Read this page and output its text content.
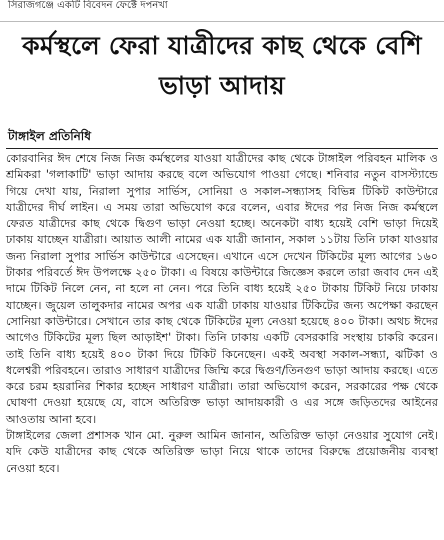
সিরাজগঞ্জে একটি বিবেদন ফেক্টে দপনখা
কর্মস্থলে ফেরা যাত্রীদের কাছ থেকে বেশি ভাড়া আদায়
টাঙ্গাইল প্রতিনিধি

কোরবানির ঈদ শেষে নিজ নিজ কর্মস্থলের যাওয়া যাত্রীদের কাছ থেকে টাঙ্গাইল পরিবহন মালিক ও শ্রমিকরা 'গলাকাটি' ভাড়া আদায় করছে বলে অভিযোগ পাওয়া গেছে। শনিবার নতুন বাসস্ট্যান্ডে গিয়ে দেখা যায়, নিরালা সুপার সার্ভিস, সোনিয়া ও সকাল-সন্ধ্যাসহ বিভিন্ন টিকিট কাউন্টারে যাত্রীদের দীর্ঘ লাইন। এ সময় তারা অভিযোগ করে বলেন, এবার ঈদের পর নিজ নিজ কর্মস্থলে ফেরত যাত্রীদের কাছ থেকে দ্বিগুণ ভাড়া নেওয়া হচ্ছে। অনেকটা বাধ্য হয়েই বেশি ভাড়া দিয়েই ঢাকায় যাচ্ছেন যাত্রীরা। আয়াত আলী নামের এক যাত্রী জানান, সকাল ১১টায় তিনি ঢাকা যাওয়ার জন্য নিরালা সুপার সার্ভিস কাউন্টারে এসেছেন। এখানে এসে দেখেন টিকিটের মূল্য আগের ১৬০ টাকার পরিবর্তে ঈদ উপলক্ষে ২৫০ টাকা। এ বিষয়ে কাউন্টারে জিজ্ঞেস করলে তারা জবাব দেন এই দামে টিকিট নিলে নেন, না হলে না নেন। পরে তিনি বাধ্য হয়েই ২৫০ টাকায় টিকিট নিয়ে ঢাকায় যাচ্ছেন। জুয়েল তালুকদার নামের অপর এক যাত্রী ঢাকায় যাওয়ার টিকিটের জন্য অপেক্ষা করছেন সোনিয়া কাউন্টারে। সেখানে তার কাছ থেকে টিকিটের মূল্য নেওয়া হয়েছে ৪০০ টাকা। অথচ ঈদের আগেও টিকিটের মূল্য ছিল আড়াইশ' টাকা। তিনি ঢাকায় একটি বেসরকারি সংস্থায় চাকরি করেন। তাই তিনি বাধ্য হয়েই ৪০০ টাকা দিয়ে টিকিট কিনেছেন। একই অবস্থা সকাল-সন্ধ্যা, ঝটিকা ও ধলেশ্বরী পরিবহনে। তারাও সাধারণ যাত্রীদের জিম্মি করে দ্বিগুণ/তিনগুণ ভাড়া আদায় করছে। এতে করে চরম হয়রানির শিকার হচ্ছেন সাধারণ যাত্রীরা। তারা অভিযোগ করেন, সরকারের পক্ষ থেকে ঘোষণা দেওয়া হয়েছে যে, বাসে অতিরিক্ত ভাড়া আদায়কারী ও এর সঙ্গে জড়িতদের আইনের আওতায় আনা হবে।

টাঙ্গাইলের জেলা প্রশাসক খান মো. নুরুল আমিন জানান, অতিরিক্ত ভাড়া নেওয়ার সুযোগ নেই। যদি কেউ যাত্রীদের কাছ থেকে অতিরিক্ত ভাড়া নিয়ে থাকে তাদের বিরুদ্ধে প্রয়োজনীয় ব্যবস্থা নেওয়া হবে।
